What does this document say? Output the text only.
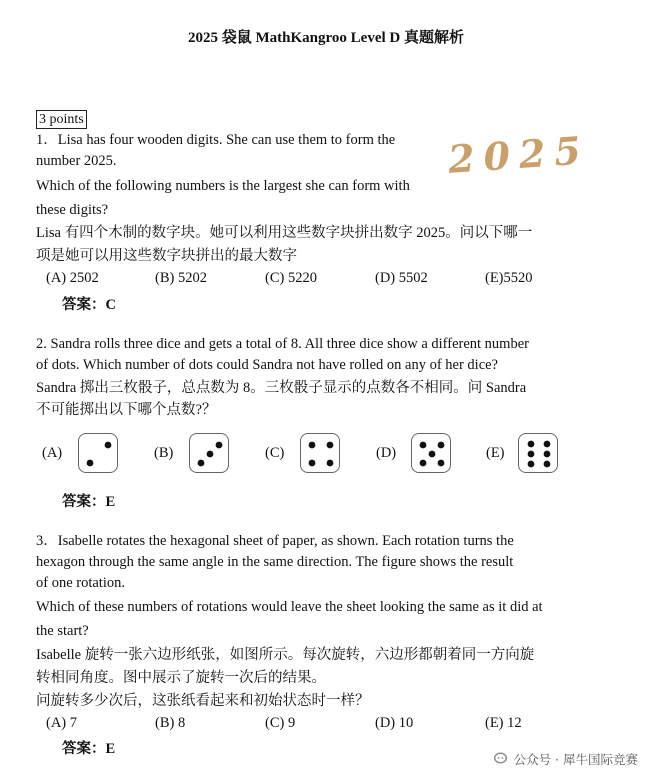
2025 袋鼠 MathKangroo Level D 真题解析
3 points
2025
1．Lisa has four wooden digits. She can use them to form the
number 2025.
Which of the following numbers is the largest she can form with
these digits?
Lisa 有四个木制的数字块。她可以利用这些数字块拼出数字 2025。问以下哪一
项是她可以用这些数字块拼出的最大数字
(A) 2502	(B) 5202	(C) 5220	(D) 5502	(E)5520
答案：C
2. Sandra rolls three dice and gets a total of 8. All three dice show a different number
of dots. Which number of dots could Sandra not have rolled on any of her dice?
Sandra 掷出三枚骰子，总点数为 8。三枚骰子显示的点数各不相同。问 Sandra
不可能掷出以下哪个点数?？
(A)	(B)	(C)	(D)	(E)
答案：E
3．Isabelle rotates the hexagonal sheet of paper, as shown. Each rotation turns the
hexagon through the same angle in the same direction. The figure shows the result
of one rotation.
Which of these numbers of rotations would leave the sheet looking the same as it did at
the start?
Isabelle 旋转一张六边形纸张，如图所示。每次旋转，六边形都朝着同一方向旋
转相同角度。图中展示了旋转一次后的结果。
问旋转多少次后，这张纸看起来和初始状态时一样？
(A) 7	(B) 8	(C) 9	(D) 10	(E) 12
答案：E
公众号 · 犀牛国际竞赛
